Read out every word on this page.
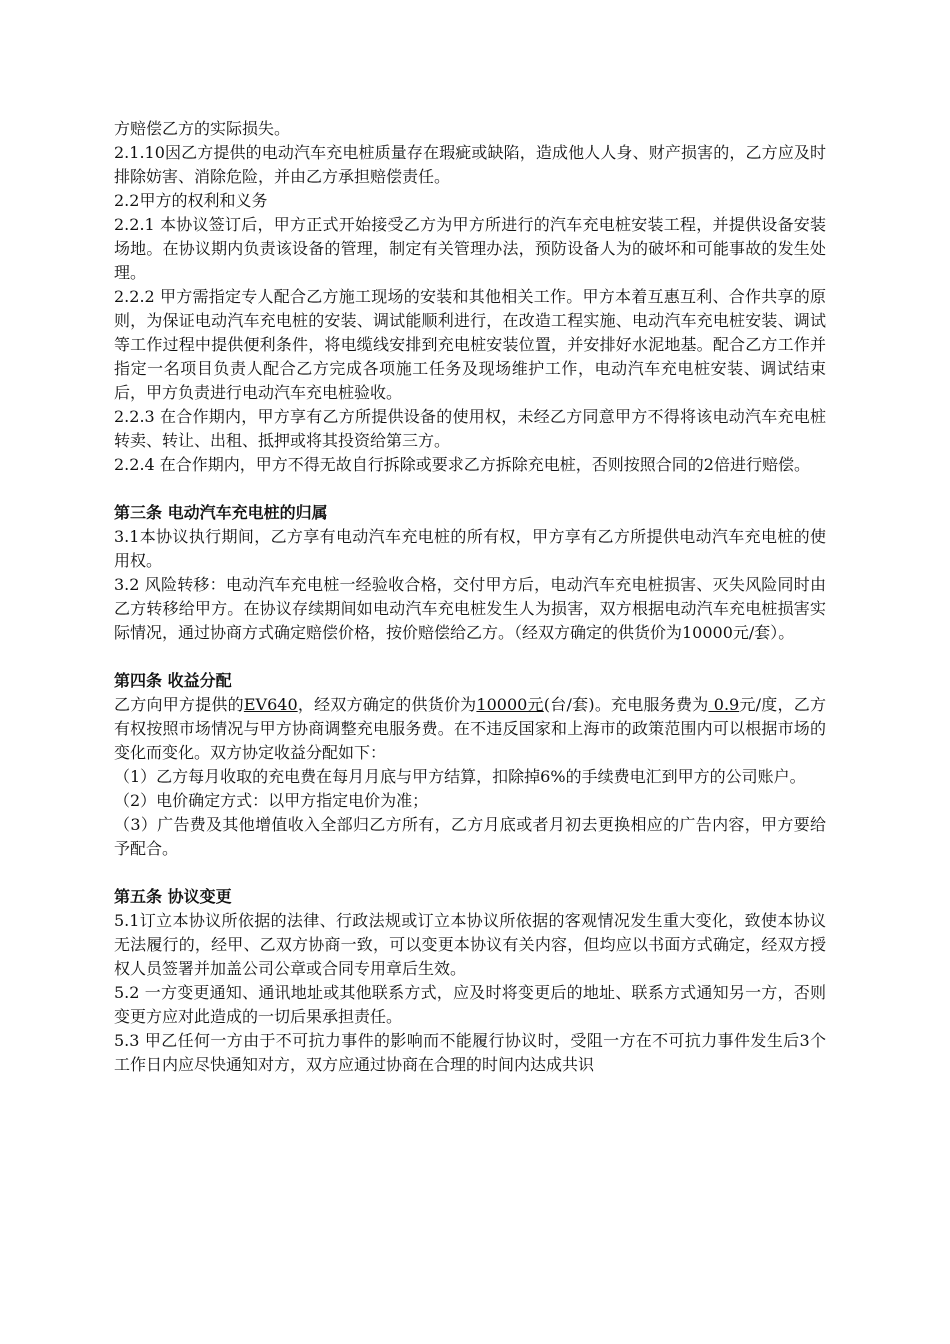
方赔偿乙方的实际损失。

2.1.10因乙方提供的电动汽车充电桩质量存在瑕疵或缺陷，造成他人人身、财产损害的，乙方应及时排除妨害、消除危险，并由乙方承担赔偿责任。

2.2甲方的权利和义务

2.2.1 本协议签订后，甲方正式开始接受乙方为甲方所进行的汽车充电桩安装工程，并提供设备安装场地。在协议期内负责该设备的管理，制定有关管理办法，预防设备人为的破坏和可能事故的发生处理。

2.2.2 甲方需指定专人配合乙方施工现场的安装和其他相关工作。甲方本着互惠互利、合作共享的原则，为保证电动汽车充电桩的安装、调试能顺利进行，在改造工程实施、电动汽车充电桩安装、调试等工作过程中提供便利条件，将电缆线安排到充电桩安装位置，并安排好水泥地基。配合乙方工作并指定一名项目负责人配合乙方完成各项施工任务及现场维护工作，电动汽车充电桩安装、调试结束后，甲方负责进行电动汽车充电桩验收。

2.2.3 在合作期内，甲方享有乙方所提供设备的使用权，未经乙方同意甲方不得将该电动汽车充电桩转卖、转让、出租、抵押或将其投资给第三方。

2.2.4 在合作期内，甲方不得无故自行拆除或要求乙方拆除充电桩，否则按照合同的2倍进行赔偿。

第三条 电动汽车充电桩的归属

3.1本协议执行期间，乙方享有电动汽车充电桩的所有权，甲方享有乙方所提供电动汽车充电桩的使用权。

3.2 风险转移：电动汽车充电桩一经验收合格，交付甲方后，电动汽车充电桩损害、灭失风险同时由乙方转移给甲方。在协议存续期间如电动汽车充电桩发生人为损害，双方根据电动汽车充电桩损害实际情况，通过协商方式确定赔偿价格，按价赔偿给乙方。（经双方确定的供货价为10000元/套）。

第四条 收益分配

乙方向甲方提供的EV640，经双方确定的供货价为10000元(台/套)。充电服务费为 0.9元/度，乙方有权按照市场情况与甲方协商调整充电服务费。在不违反国家和上海市的政策范围内可以根据市场的变化而变化。双方协定收益分配如下：

（1）乙方每月收取的充电费在每月月底与甲方结算，扣除掉6%的手续费电汇到甲方的公司账户。

（2）电价确定方式：以甲方指定电价为准；

（3）广告费及其他增值收入全部归乙方所有，乙方月底或者月初去更换相应的广告内容，甲方要给予配合。

第五条 协议变更

5.1订立本协议所依据的法律、行政法规或订立本协议所依据的客观情况发生重大变化，致使本协议无法履行的，经甲、乙双方协商一致，可以变更本协议有关内容，但均应以书面方式确定，经双方授权人员签署并加盖公司公章或合同专用章后生效。

5.2 一方变更通知、通讯地址或其他联系方式，应及时将变更后的地址、联系方式通知另一方，否则变更方应对此造成的一切后果承担责任。

5.3 甲乙任何一方由于不可抗力事件的影响而不能履行协议时，受阻一方在不可抗力事件发生后3个工作日内应尽快通知对方，双方应通过协商在合理的时间内达成共识
